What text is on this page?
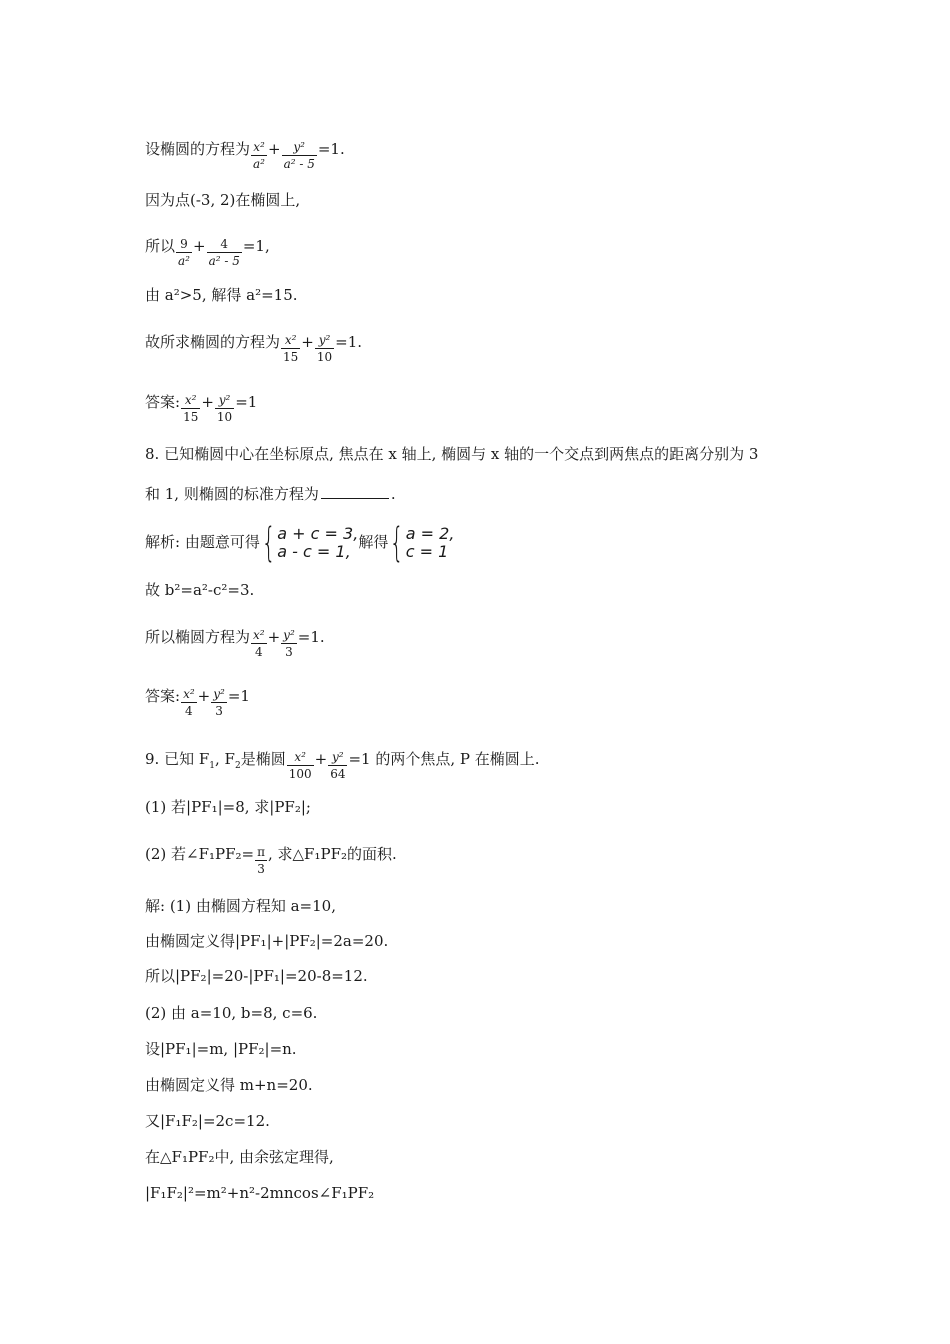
设椭圆的方程为 $\frac{\text{x²}}{\text{a²}} + \frac{\text{y²}}{\text{a² - 5}} =1$.
因为点(-3, 2)在椭圆上,
所以 $\frac{9}{\text{a²}} + \frac{4}{\text{a² - 5}} =1$,
由 a²>5, 解得 a²=15.
故所求椭圆的方程为 $\frac{\text{x²}}{15} + \frac{\text{y²}}{10} =1$.
答案: $\frac{\text{x²}}{15} + \frac{\text{y²}}{10} =1$
8. 已知椭圆中心在坐标原点, 焦点在 x 轴上, 椭圆与 x 轴的一个交点到两焦点的距离分别为 3
和 1, 则椭圆的标准方程为	.
解析: 由题意可得{ a + c = 3,
a - c = 1, 解得{ a = 2,
c = 1
故 b²=a²-c²=3.
所以椭圆方程为 $\frac{\text{x²}}{4} + \frac{\text{y²}}{3} =1$.
答案: $\frac{\text{x²}}{4} + \frac{\text{y²}}{3} =1$
9. 已知 $F_1$, $F_2$是椭圆 $\frac{\text{x²}}{100} + \frac{\text{y²}}{64} =1$ 的两个焦点, P 在椭圆上.
(1) 若|PF₁|=8, 求|PF₂|;
(2) 若∠F₁PF₂= $\frac{\pi}{3}$ , 求△F₁PF₂的面积.
解: (1) 由椭圆方程知 a=10,
由椭圆定义得|PF₁|+|PF₂|=2a=20.
所以|PF₂|=20-|PF₁|=20-8=12.
(2) 由 a=10, b=8, c=6.
设|PF₁|=m, |PF₂|=n.
由椭圆定义得 m+n=20.
又|F₁F₂|=2c=12.
在△F₁PF₂中, 由余弦定理得,
|F₁F₂|²=m²+n²-2mncos∠F₁PF₂
